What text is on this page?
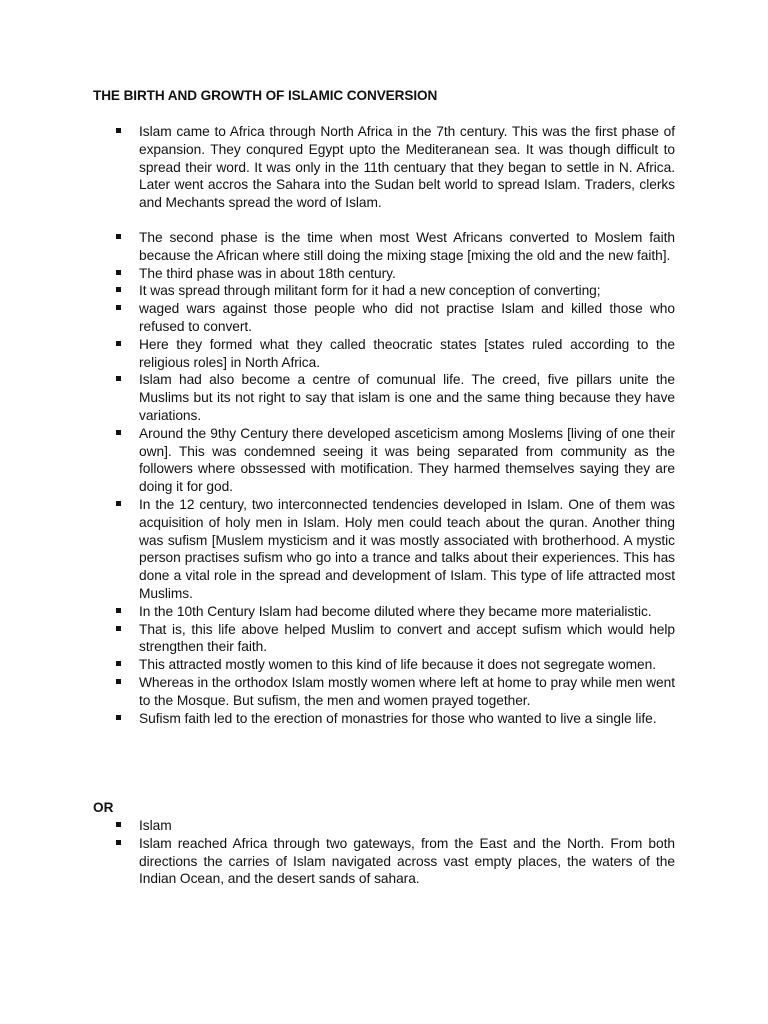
THE BIRTH AND GROWTH OF ISLAMIC CONVERSION
Islam came to Africa through North Africa in the 7th century. This was the first phase of expansion. They conqured Egypt upto the Mediteranean sea. It was though difficult to spread their word. It was only in the 11th centuary that they began to settle in N. Africa. Later went accros the Sahara into the Sudan belt world to spread Islam. Traders, clerks and Mechants spread the word of Islam.
The second phase is the time when most West Africans converted to Moslem faith because the African where still doing the mixing stage [mixing the old and the new faith].
The third phase was in about 18th century.
It was spread through militant form for it had a new conception of converting;
waged wars against those people who did not practise Islam and killed those who refused to convert.
Here they formed what they called theocratic states [states ruled according to the religious roles] in North Africa.
Islam had also become a centre of comunual life. The creed, five pillars unite the Muslims but its not right to say that islam is one and the same thing because they have variations.
Around the 9thy Century there developed asceticism among Moslems [living of one their own]. This was condemned seeing it was being separated from community as the followers where obssessed with motification. They harmed themselves saying they are doing it for god.
In the 12 century, two interconnected tendencies developed in Islam. One of them was acquisition of holy men in Islam. Holy men could teach about the quran. Another thing was sufism [Muslem mysticism and it was mostly associated with brotherhood. A mystic person practises sufism who go into a trance and talks about their experiences. This has done a vital role in the spread and development of Islam. This type of life attracted most Muslims.
In the 10th Century Islam had become diluted where they became more materialistic.
That is, this life above helped Muslim to convert and accept sufism which would help strengthen their faith.
This attracted mostly women to this kind of life because it does not segregate women.
Whereas in the orthodox Islam mostly women where left at home to pray while men went to the Mosque. But sufism, the men and women prayed together.
Sufism faith led to the erection of monastries for those who wanted to live a single life.
OR
Islam
Islam reached Africa through two gateways, from the East and the North. From both directions the carries of Islam navigated across vast empty places, the waters of the Indian Ocean, and the desert sands of sahara.
